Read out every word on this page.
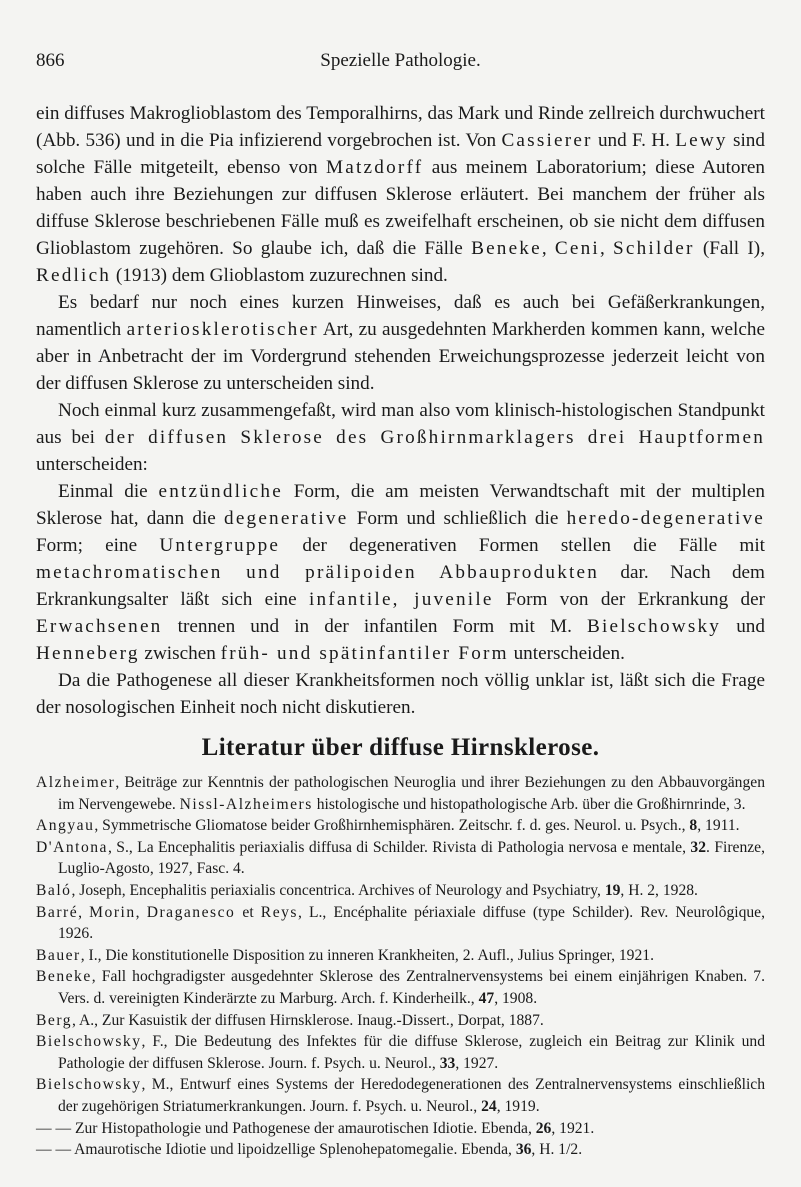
866	Spezielle Pathologie.

ein diffuses Makroglioblastom des Temporalhirns, das Mark und Rinde zellreich durchwuchert (Abb. 536) und in die Pia infizierend vorgebrochen ist. Von Cassierer und F. H. Lewy sind solche Fälle mitgeteilt, ebenso von Matzdorff aus meinem Laboratorium; diese Autoren haben auch ihre Beziehungen zur diffusen Sklerose erläutert. Bei manchem der früher als diffuse Sklerose beschriebenen Fälle muß es zweifelhaft erscheinen, ob sie nicht dem diffusen Glioblastom zugehören. So glaube ich, daß die Fälle Beneke, Ceni, Schilder (Fall I), Redlich (1913) dem Glioblastom zuzurechnen sind.

Es bedarf nur noch eines kurzen Hinweises, daß es auch bei Gefäßerkrankungen, namentlich arteriosklerotischer Art, zu ausgedehnten Markherden kommen kann, welche aber in Anbetracht der im Vordergrund stehenden Erweichungsprozesse jederzeit leicht von der diffusen Sklerose zu unterscheiden sind.

Noch einmal kurz zusammengefaßt, wird man also vom klinisch-histologischen Standpunkt aus bei der diffusen Sklerose des Großhirnmarklagers drei Hauptformen unterscheiden:

Einmal die entzündliche Form, die am meisten Verwandtschaft mit der multiplen Sklerose hat, dann die degenerative Form und schließlich die heredo-degenerative Form; eine Untergruppe der degenerativen Formen stellen die Fälle mit metachromatischen und prälipoiden Abbauprodukten dar. Nach dem Erkrankungsalter läßt sich eine infantile, juvenile Form von der Erkrankung der Erwachsenen trennen und in der infantilen Form mit M. Bielschowsky und Henneberg zwischen früh- und spätinfantiler Form unterscheiden.

Da die Pathogenese all dieser Krankheitsformen noch völlig unklar ist, läßt sich die Frage der nosologischen Einheit noch nicht diskutieren.

Literatur über diffuse Hirnsklerose.
Alzheimer, Beiträge zur Kenntnis der pathologischen Neuroglia und ihrer Beziehungen zu den Abbauvorgängen im Nervengewebe. Nissl-Alzheimers histologische und histopathologische Arb. über die Großhirnrinde, 3.
Angyau, Symmetrische Gliomatose beider Großhirnhemisphären. Zeitschr. f. d. ges. Neurol. u. Psych., 8, 1911.
D'Antona, S., La Encephalitis periaxialis diffusa di Schilder. Rivista di Pathologia nervosa e mentale, 32. Firenze, Luglio-Agosto, 1927, Fasc. 4.
Baló, Joseph, Encephalitis periaxialis concentrica. Archives of Neurology and Psychiatry, 19, H. 2, 1928.
Barré, Morin, Draganesco et Reys, L., Encéphalite périaxiale diffuse (type Schilder). Rev. Neurolôgique, 1926.
Bauer, I., Die konstitutionelle Disposition zu inneren Krankheiten, 2. Aufl., Julius Springer, 1921.
Beneke, Fall hochgradigster ausgedehnter Sklerose des Zentralnervensystems bei einem einjährigen Knaben. 7. Vers. d. vereinigten Kinderärzte zu Marburg. Arch. f. Kinderheilk., 47, 1908.
Berg, A., Zur Kasuistik der diffusen Hirnsklerose. Inaug.-Dissert., Dorpat, 1887.
Bielschowsky, F., Die Bedeutung des Infektes für die diffuse Sklerose, zugleich ein Beitrag zur Klinik und Pathologie der diffusen Sklerose. Journ. f. Psych. u. Neurol., 33, 1927.
Bielschowsky, M., Entwurf eines Systems der Heredodegenerationen des Zentralnervensystems einschließlich der zugehörigen Striatumerkrankungen. Journ. f. Psych. u. Neurol., 24, 1919.
— — Zur Histopathologie und Pathogenese der amaurotischen Idiotie. Ebenda, 26, 1921.
— — Amaurotische Idiotie und lipoidzellige Splenohepatomegalie. Ebenda, 36, H. 1/2.
